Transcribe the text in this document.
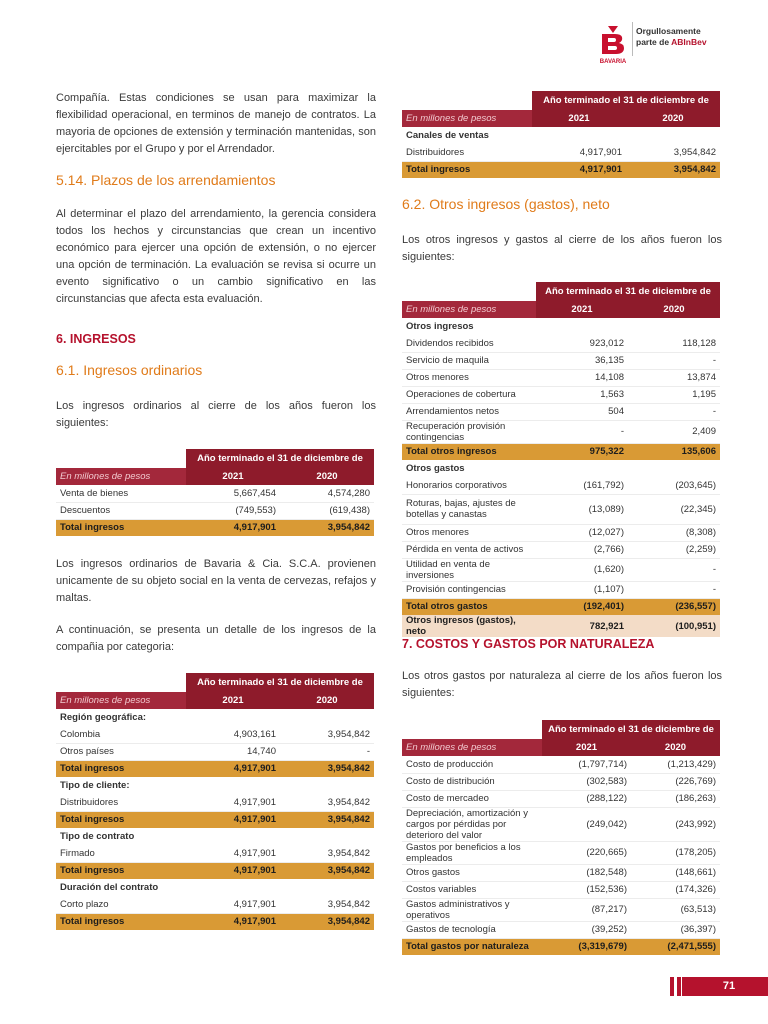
BAVARIA
Orgullosamente
parte de ABInBev

Compañía. Estas condiciones se usan para maximizar la flexibilidad operacional, en terminos de manejo de contratos. La mayoria de opciones de extensión y terminación mantenidas, son ejercitables por el Grupo y por el Arrendador.

5.14. Plazos de los arrendamientos

Al determinar el plazo del arrendamiento, la gerencia considera todos los hechos y circunstancias que crean un incentivo económico para ejercer una opción de extensión, o no ejercer una opción de terminación. La evaluación se revisa si ocurre un evento significativo o un cambio significativo en las circunstancias que afecta esta evaluación.

6. INGRESOS
6.1. Ingresos ordinarios

Los ingresos ordinarios al cierre de los años fueron los siguientes:

	Año terminado el 31 de diciembre de	
En millones de pesos	2021	2020
Venta de bienes	5,667,454	4,574,280
Descuentos	(749,553)	(619,438)
Total ingresos	4,917,901	3,954,842

Los ingresos ordinarios de Bavaria & Cia. S.C.A. provienen unicamente de su objeto social en la venta de cervezas, refajos y maltas.

A continuación, se presenta un detalle de los ingresos de la compañia por categoria:

	Año terminado el 31 de diciembre de	
En millones de pesos	2021	2020
Región geográfica:		
Colombia	4,903,161	3,954,842
Otros países	14,740	-
Total ingresos	4,917,901	3,954,842
Tipo de cliente:		
Distribuidores	4,917,901	3,954,842
Total ingresos	4,917,901	3,954,842
Tipo de contrato		
Firmado	4,917,901	3,954,842
Total ingresos	4,917,901	3,954,842
Duración del contrato		
Corto plazo	4,917,901	3,954,842
Total ingresos	4,917,901	3,954,842
	Año terminado el 31 de diciembre de	
En millones de pesos	2021	2020
Canales de ventas		
Distribuidores	4,917,901	3,954,842
Total ingresos	4,917,901	3,954,842
6.2. Otros ingresos (gastos), neto

Los otros ingresos y gastos al cierre de los años fueron los siguientes:

	Año terminado el 31 de diciembre de	
En millones de pesos	2021	2020
Otros ingresos		
Dividendos recibidos	923,012	118,128
Servicio de maquila	36,135	-
Otros menores	14,108	13,874
Operaciones de cobertura	1,563	1,195
Arrendamientos netos	504	-
Recuperación provisión contingencias	-	2,409
Total otros ingresos	975,322	135,606
Otros gastos		
Honorarios corporativos	(161,792)	(203,645)
Roturas, bajas, ajustes de botellas y canastas	(13,089)	(22,345)
Otros menores	(12,027)	(8,308)
Pérdida en venta de activos	(2,766)	(2,259)
Utilidad en venta de inversiones	(1,620)	-
Provisión contingencias	(1,107)	-
Total otros gastos	(192,401)	(236,557)
Otros ingresos (gastos), neto	782,921	(100,951)
7. COSTOS Y GASTOS POR NATURALEZA

Los otros gastos por naturaleza al cierre de los años fueron los siguientes:

	Año terminado el 31 de diciembre de	
En millones de pesos	2021	2020
Costo de producción	(1,797,714)	(1,213,429)
Costo de distribución	(302,583)	(226,769)
Costo de mercadeo	(288,122)	(186,263)
Depreciación, amortización y cargos por pérdidas por deterioro del valor	(249,042)	(243,992)
Gastos por beneficios a los empleados	(220,665)	(178,205)
Otros gastos	(182,548)	(148,661)
Costos variables	(152,536)	(174,326)
Gastos administrativos y operativos	(87,217)	(63,513)
Gastos de tecnología	(39,252)	(36,397)
Total gastos por naturaleza	(3,319,679)	(2,471,555)
71
